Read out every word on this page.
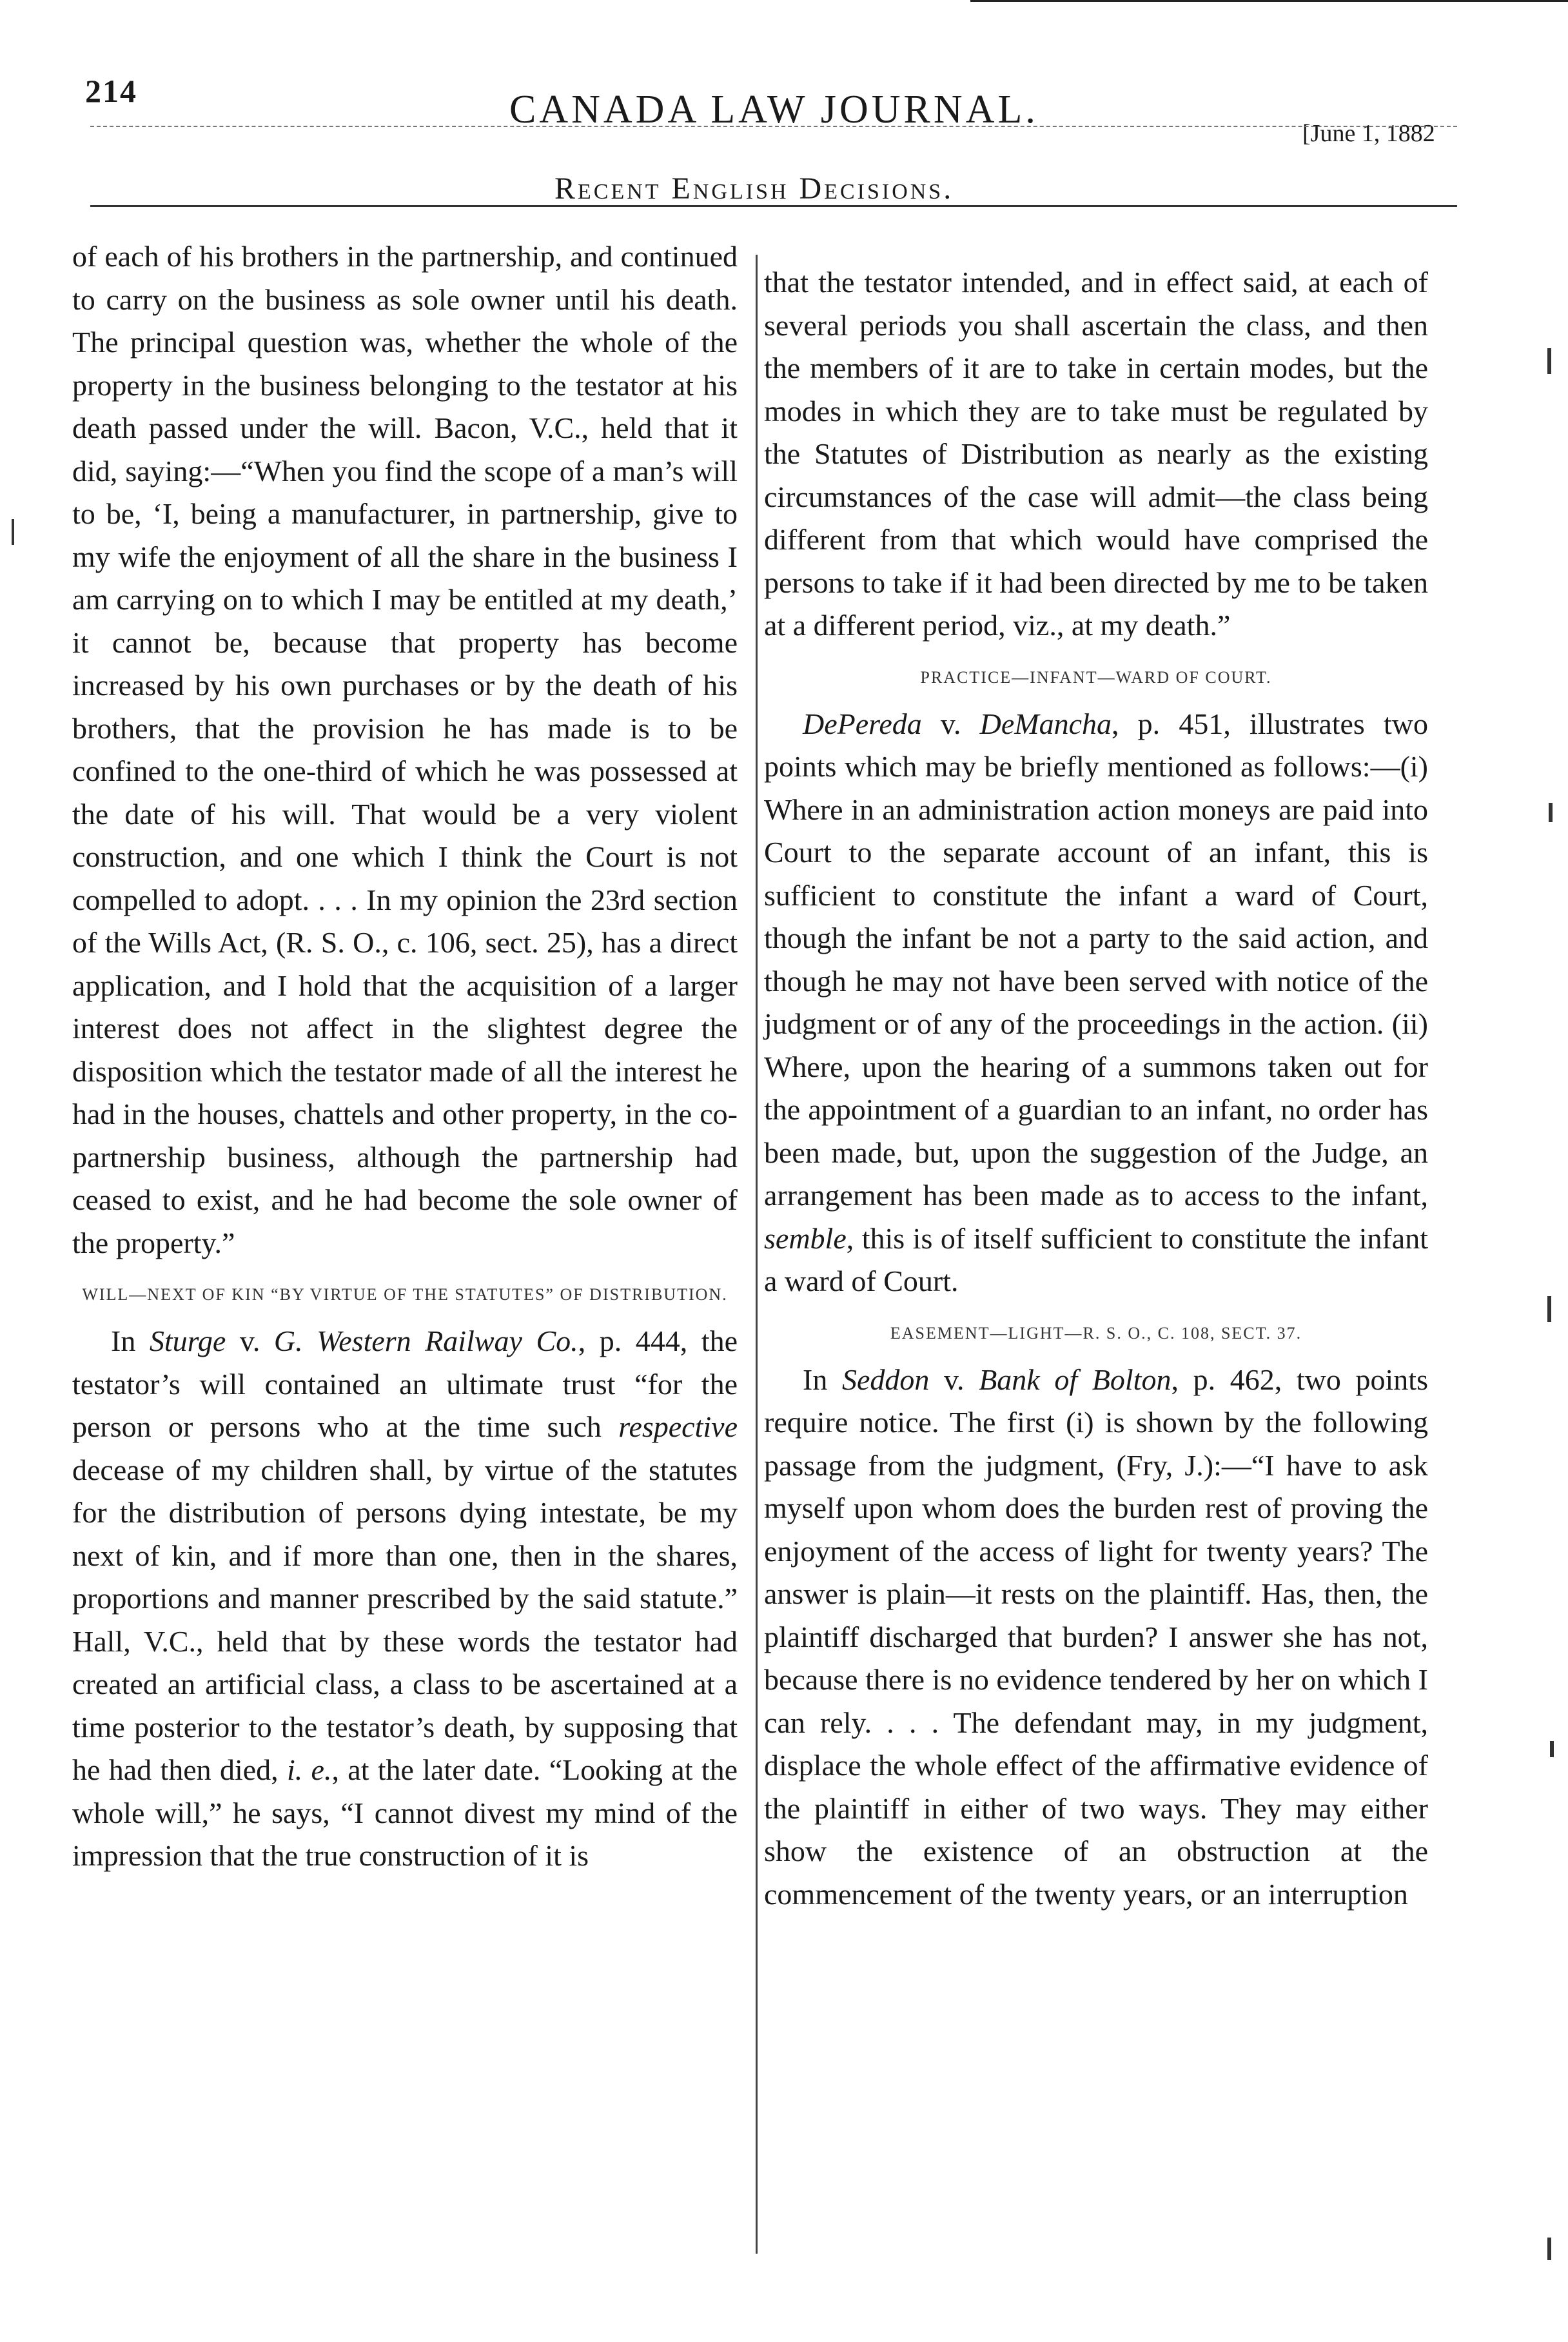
214	CANADA LAW JOURNAL.
[June 1, 1882
Recent English Decisions.

of each of his brothers in the partnership, and continued to carry on the business as sole owner until his death. The principal question was, whether the whole of the property in the business belonging to the testator at his death passed under the will. Bacon, V.C., held that it did, saying:—“When you find the scope of a man’s will to be, ‘I, being a manufacturer, in partnership, give to my wife the enjoyment of all the share in the business I am carrying on to which I may be entitled at my death,’ it cannot be, because that property has become increased by his own purchases or by the death of his brothers, that the provision he has made is to be confined to the one-third of which he was possessed at the date of his will. That would be a very violent construction, and one which I think the Court is not compelled to adopt. . . . In my opinion the 23rd section of the Wills Act, (R. S. O., c. 106, sect. 25), has a direct application, and I hold that the acquisition of a larger interest does not affect in the slightest degree the disposition which the testator made of all the interest he had in the houses, chattels and other property, in the co-partnership business, although the partnership had ceased to exist, and he had become the sole owner of the property.”

WILL—NEXT OF KIN “BY VIRTUE OF THE STATUTES” OF DISTRIBUTION.

In Sturge v. G. Western Railway Co., p. 444, the testator’s will contained an ultimate trust “for the person or persons who at the time such respective decease of my children shall, by virtue of the statutes for the distribution of persons dying intestate, be my next of kin, and if more than one, then in the shares, proportions and manner prescribed by the said statute.” Hall, V.C., held that by these words the testator had created an artificial class, a class to be ascertained at a time posterior to the testator’s death, by supposing that he had then died, i. e., at the later date. “Looking at the whole will,” he says, “I cannot divest my mind of the impression that the true construction of it is

that the testator intended, and in effect said, at each of several periods you shall ascertain the class, and then the members of it are to take in certain modes, but the modes in which they are to take must be regulated by the Statutes of Distribution as nearly as the existing circumstances of the case will admit—the class being different from that which would have comprised the persons to take if it had been directed by me to be taken at a different period, viz., at my death.”

PRACTICE—INFANT—WARD OF COURT.

DePereda v. DeMancha, p. 451, illustrates two points which may be briefly mentioned as follows:—(i) Where in an administration action moneys are paid into Court to the separate account of an infant, this is sufficient to constitute the infant a ward of Court, though the infant be not a party to the said action, and though he may not have been served with notice of the judgment or of any of the proceedings in the action. (ii) Where, upon the hearing of a summons taken out for the appointment of a guardian to an infant, no order has been made, but, upon the suggestion of the Judge, an arrangement has been made as to access to the infant, semble, this is of itself sufficient to constitute the infant a ward of Court.

EASEMENT—LIGHT—R. S. O., C. 108, SECT. 37.

In Seddon v. Bank of Bolton, p. 462, two points require notice. The first (i) is shown by the following passage from the judgment, (Fry, J.):—“I have to ask myself upon whom does the burden rest of proving the enjoyment of the access of light for twenty years? The answer is plain—it rests on the plaintiff. Has, then, the plaintiff discharged that burden? I answer she has not, because there is no evidence tendered by her on which I can rely. . . . The defendant may, in my judgment, displace the whole effect of the affirmative evidence of the plaintiff in either of two ways. They may either show the existence of an obstruction at the commencement of the twenty years, or an interruption
